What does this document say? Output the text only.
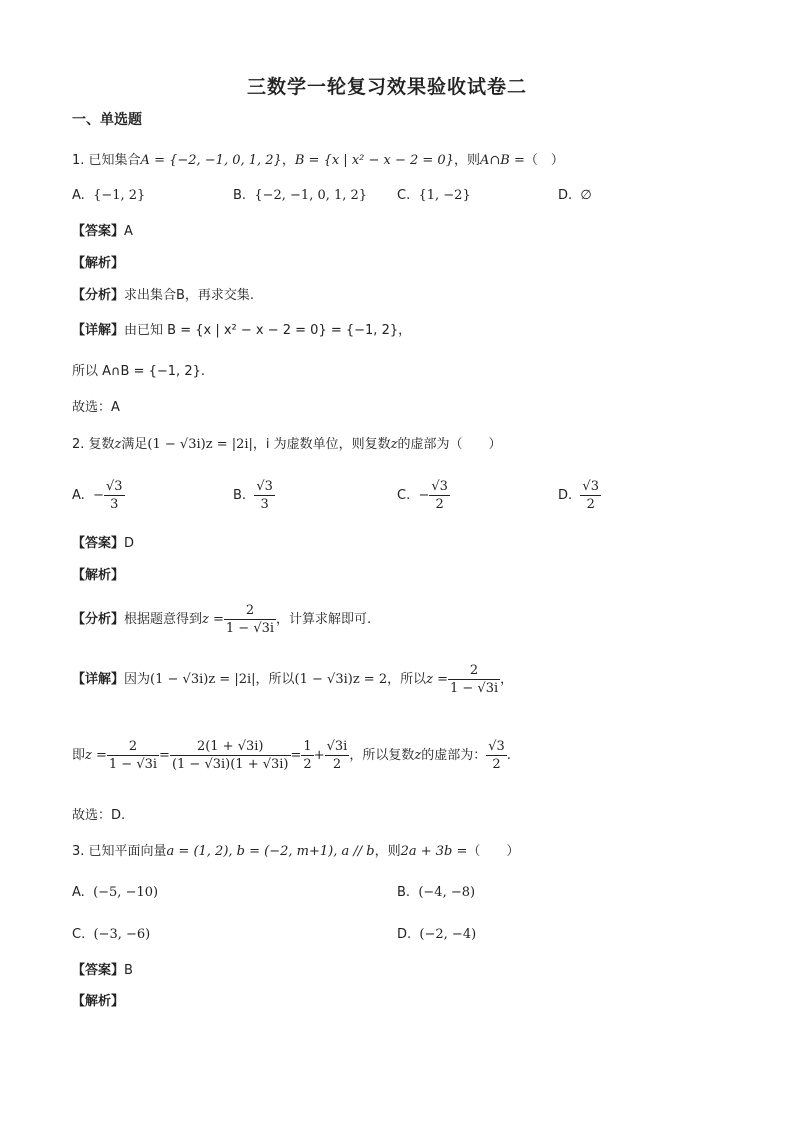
三数学一轮复习效果验收试卷二
一、单选题
1. 已知集合A = {−2, −1, 0, 1, 2}，B = {x | x² − x − 2 = 0}，则A∩B =（　）
A. {−1, 2}	B. {−2, −1, 0, 1, 2} C. {1, −2}	D. ∅
【答案】A
【解析】
【分析】求出集合B，再求交集.
【详解】由已知 B = {x | x² − x − 2 = 0} = {−1, 2}，
所以 A∩B = {−1, 2}.
故选：A
2. 复数z满足(1 − √3i)z = |2i|，i 为虚数单位，则复数z的虚部为（　　）
A. − $\frac{√3}{3}$	B. $\frac{√3}{3}$	C. − $\frac{√3}{2}$	D. $\frac{√3}{2}$
【答案】D
【解析】
【分析】根据题意得到$z = \frac{2}{1 - √3i}$ ，计算求解即可.
【详解】因为(1 − √3i)z = |2i|，所以(1 − √3i)z = 2，所以$z = \frac{2}{1 - √3i}$ ，
即$z = \frac{2}{1 - √3i} = \frac{2(1 + √3i)}{(1 - √3i)(1 + √3i)} = \frac{1}{2} + \frac{√3i}{2}$ ，所以复数z的虚部为： $\frac{√3}{2}$ .
故选：D.
3. 已知平面向量a = (1, 2), b = (−2, m+1), a // b，则2a + 3b =（　　）
A. (−5, −10)	B. (−4, −8)
C. (−3, −6)	D. (−2, −4)
【答案】B
【解析】
